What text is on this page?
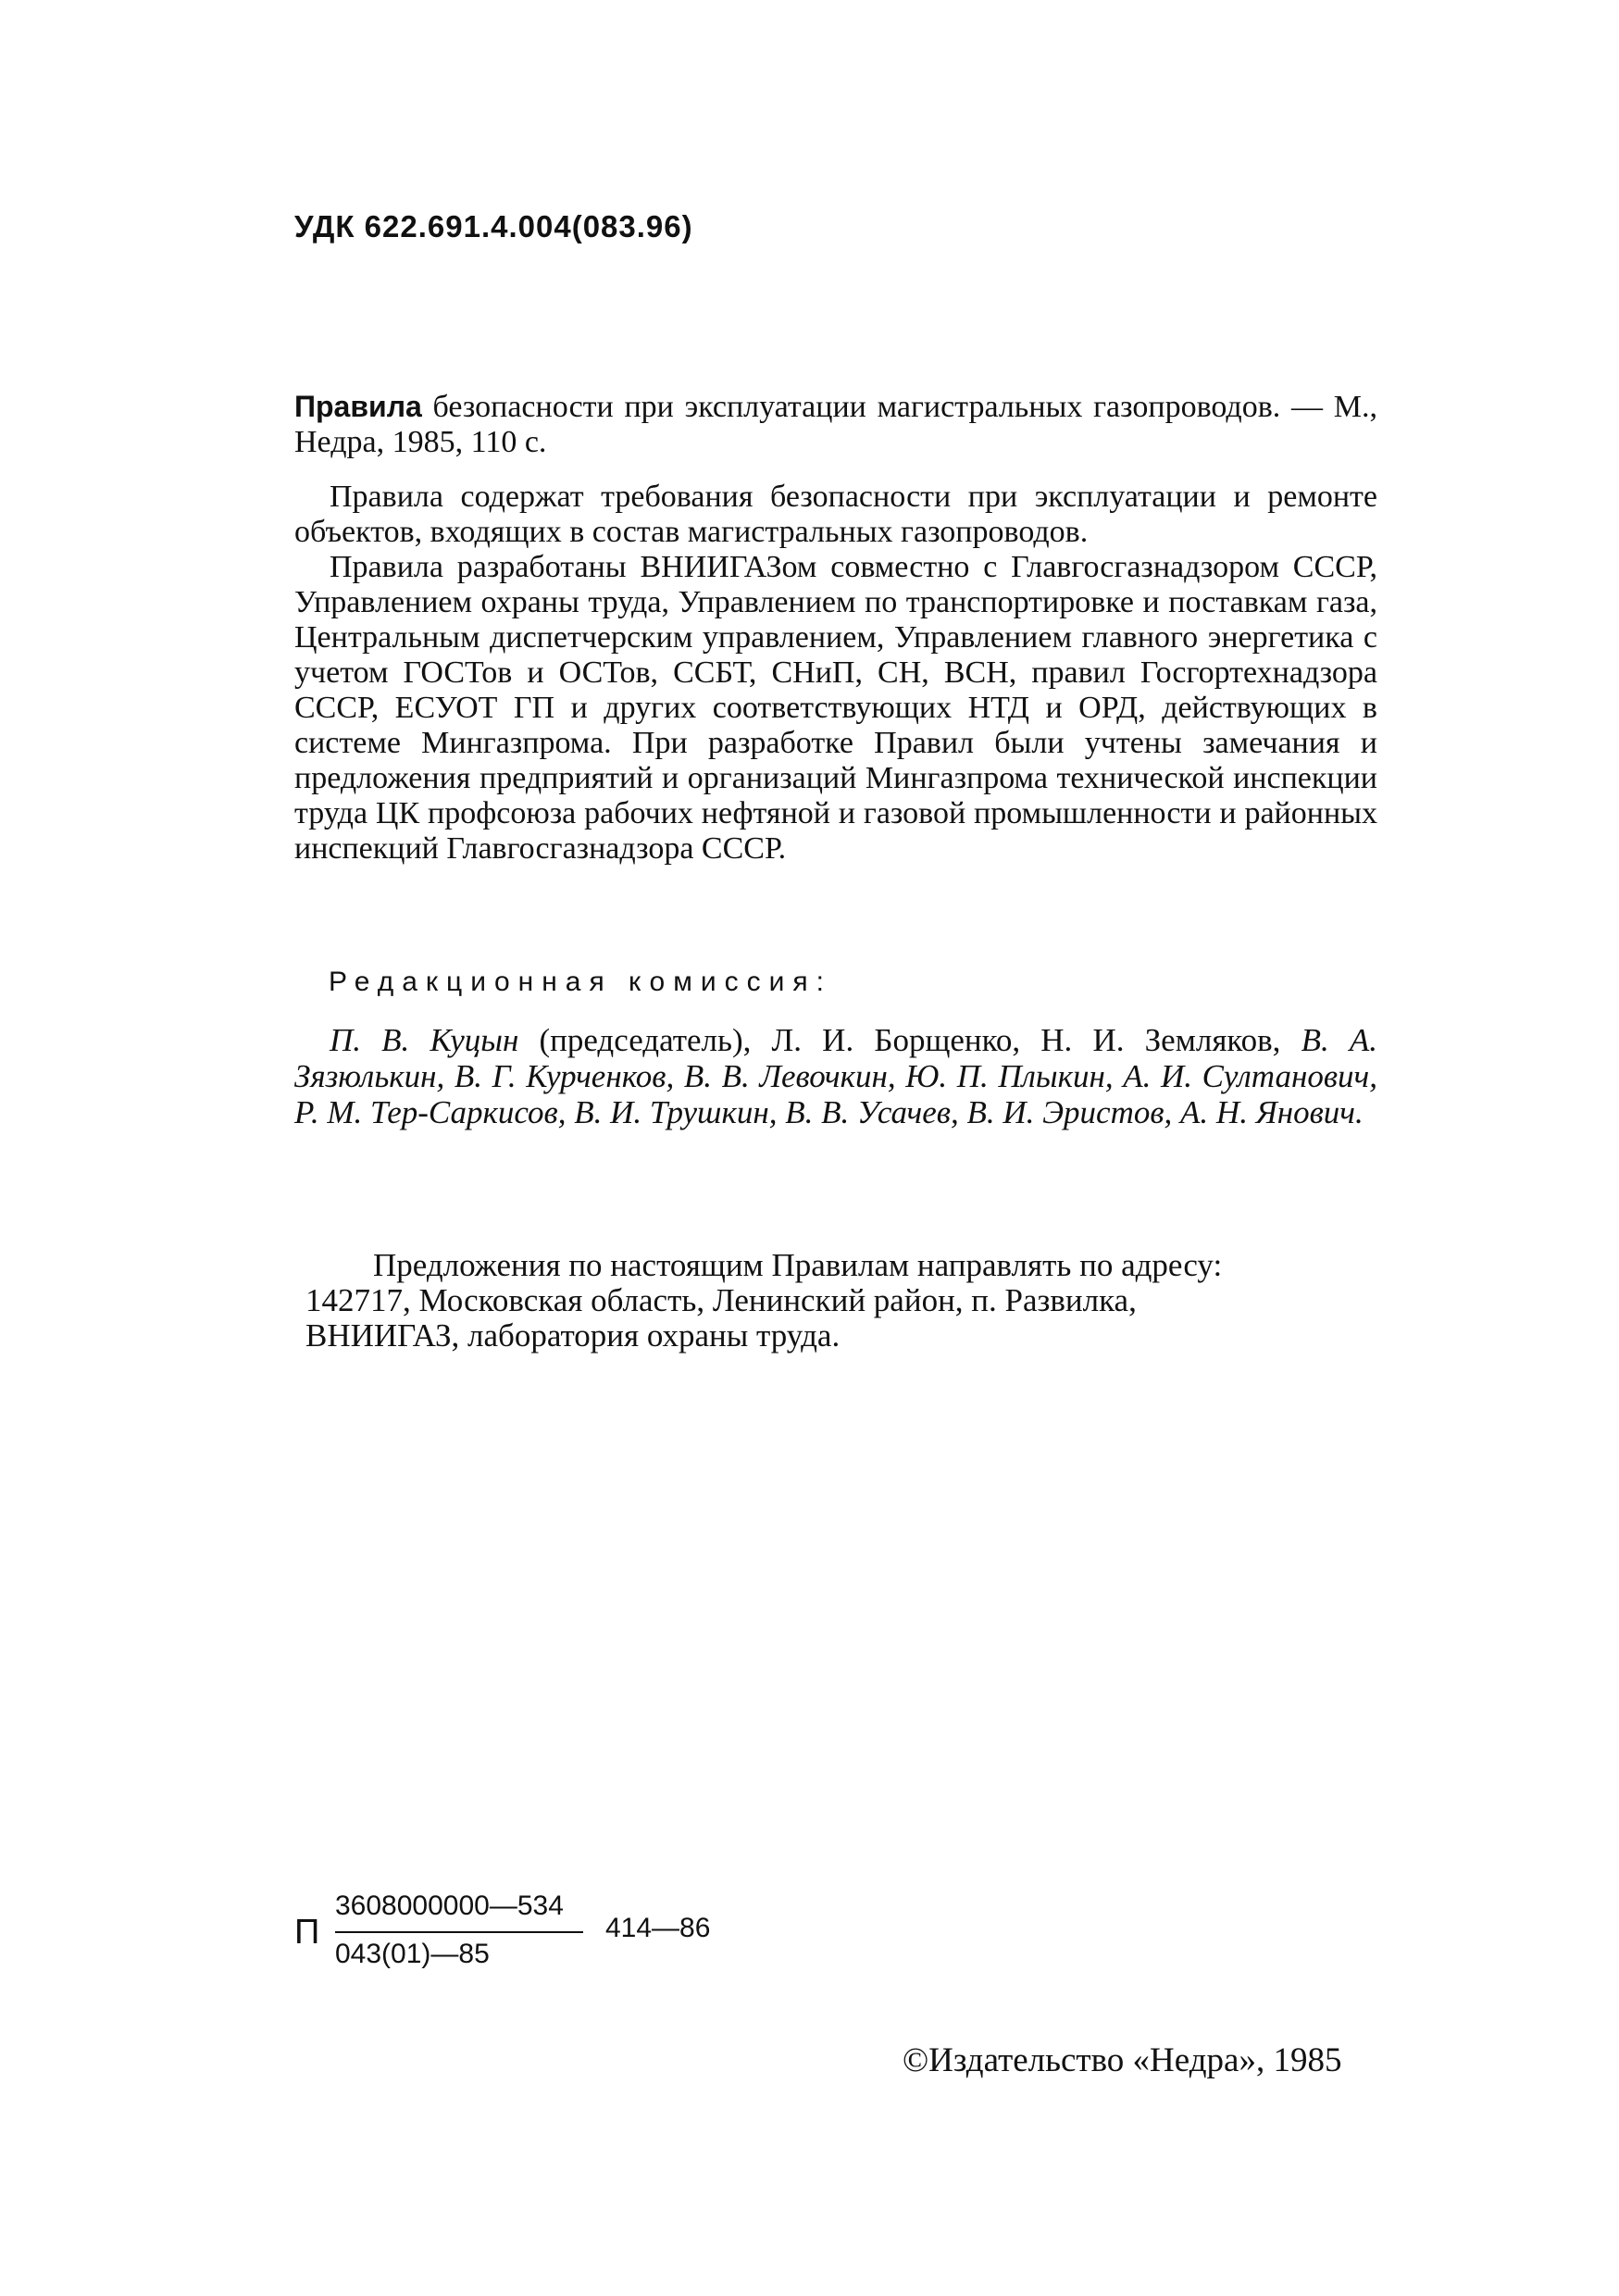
УДК 622.691.4.004(083.96)
Правила безопасности при эксплуатации магистральных газопроводов. — М., Недра, 1985, 110 с.

Правила содержат требования безопасности при эксплуатации и ремонте объектов, входящих в состав магистральных газопроводов.

Правила разработаны ВНИИГАЗом совместно с Главгосгазнадзором СССР, Управлением охраны труда, Управлением по транспортировке и поставкам газа, Центральным диспетчерским управлением, Управлением главного энергетика с учетом ГОСТов и ОСТов, ССБТ, СНиП, СН, ВСН, правил Госгортехнадзора СССР, ЕСУОТ ГП и других соответствующих НТД и ОРД, действующих в системе Мингазпрома. При разработке Правил были учтены замечания и предложения предприятий и организаций Мингазпрома технической инспекции труда ЦК профсоюза рабочих нефтяной и газовой промышленности и районных инспекций Главгосгазнадзора СССР.

Редакционная комиссия:
П. В. Куцын (председатель), Л. И. Борщенко, Н. И. Земляков, В. А. Зязюлькин, В. Г. Курченков, В. В. Левочкин, Ю. П. Плыкин, А. И. Султанович, Р. М. Тер-Саркисов, В. И. Трушкин, В. В. Усачев, В. И. Эристов, А. Н. Янович.
Предложения по настоящим Правилам направлять по адресу:
142717, Московская область, Ленинский район, п. Развилка,
ВНИИГАЗ, лаборатория охраны труда.
П
3608000000—534
043(01)—85
414—86
©Издательство «Недра», 1985
